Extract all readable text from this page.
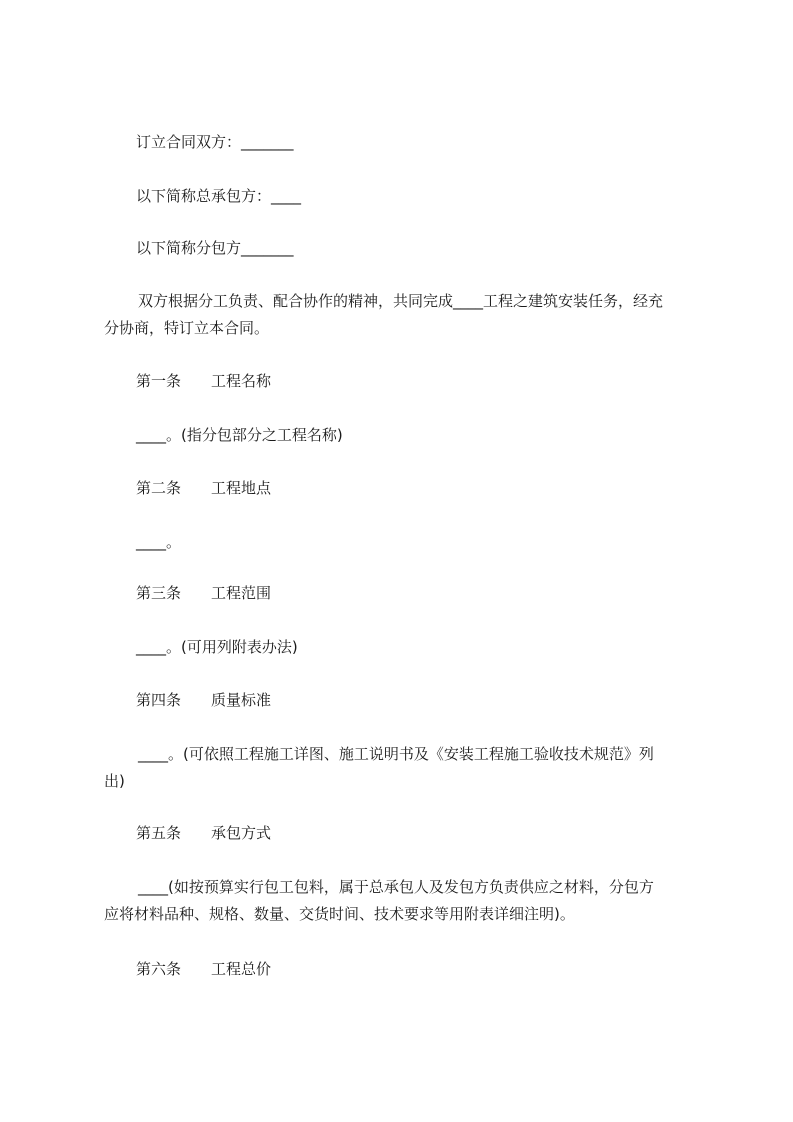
订立合同双方：_______
以下简称总承包方：____
以下简称分包方_______
双方根据分工负责、配合协作的精神，共同完成____工程之建筑安装任务，经充
分协商，特订立本合同。
第一条 工程名称
____。(指分包部分之工程名称)
第二条 工程地点
____。
第三条 工程范围
____。(可用列附表办法)
第四条 质量标准
____。(可依照工程施工详图、施工说明书及《安装工程施工验收技术规范》列
出)
第五条 承包方式
____(如按预算实行包工包料，属于总承包人及发包方负责供应之材料，分包方
应将材料品种、规格、数量、交货时间、技术要求等用附表详细注明)。
第六条 工程总价
